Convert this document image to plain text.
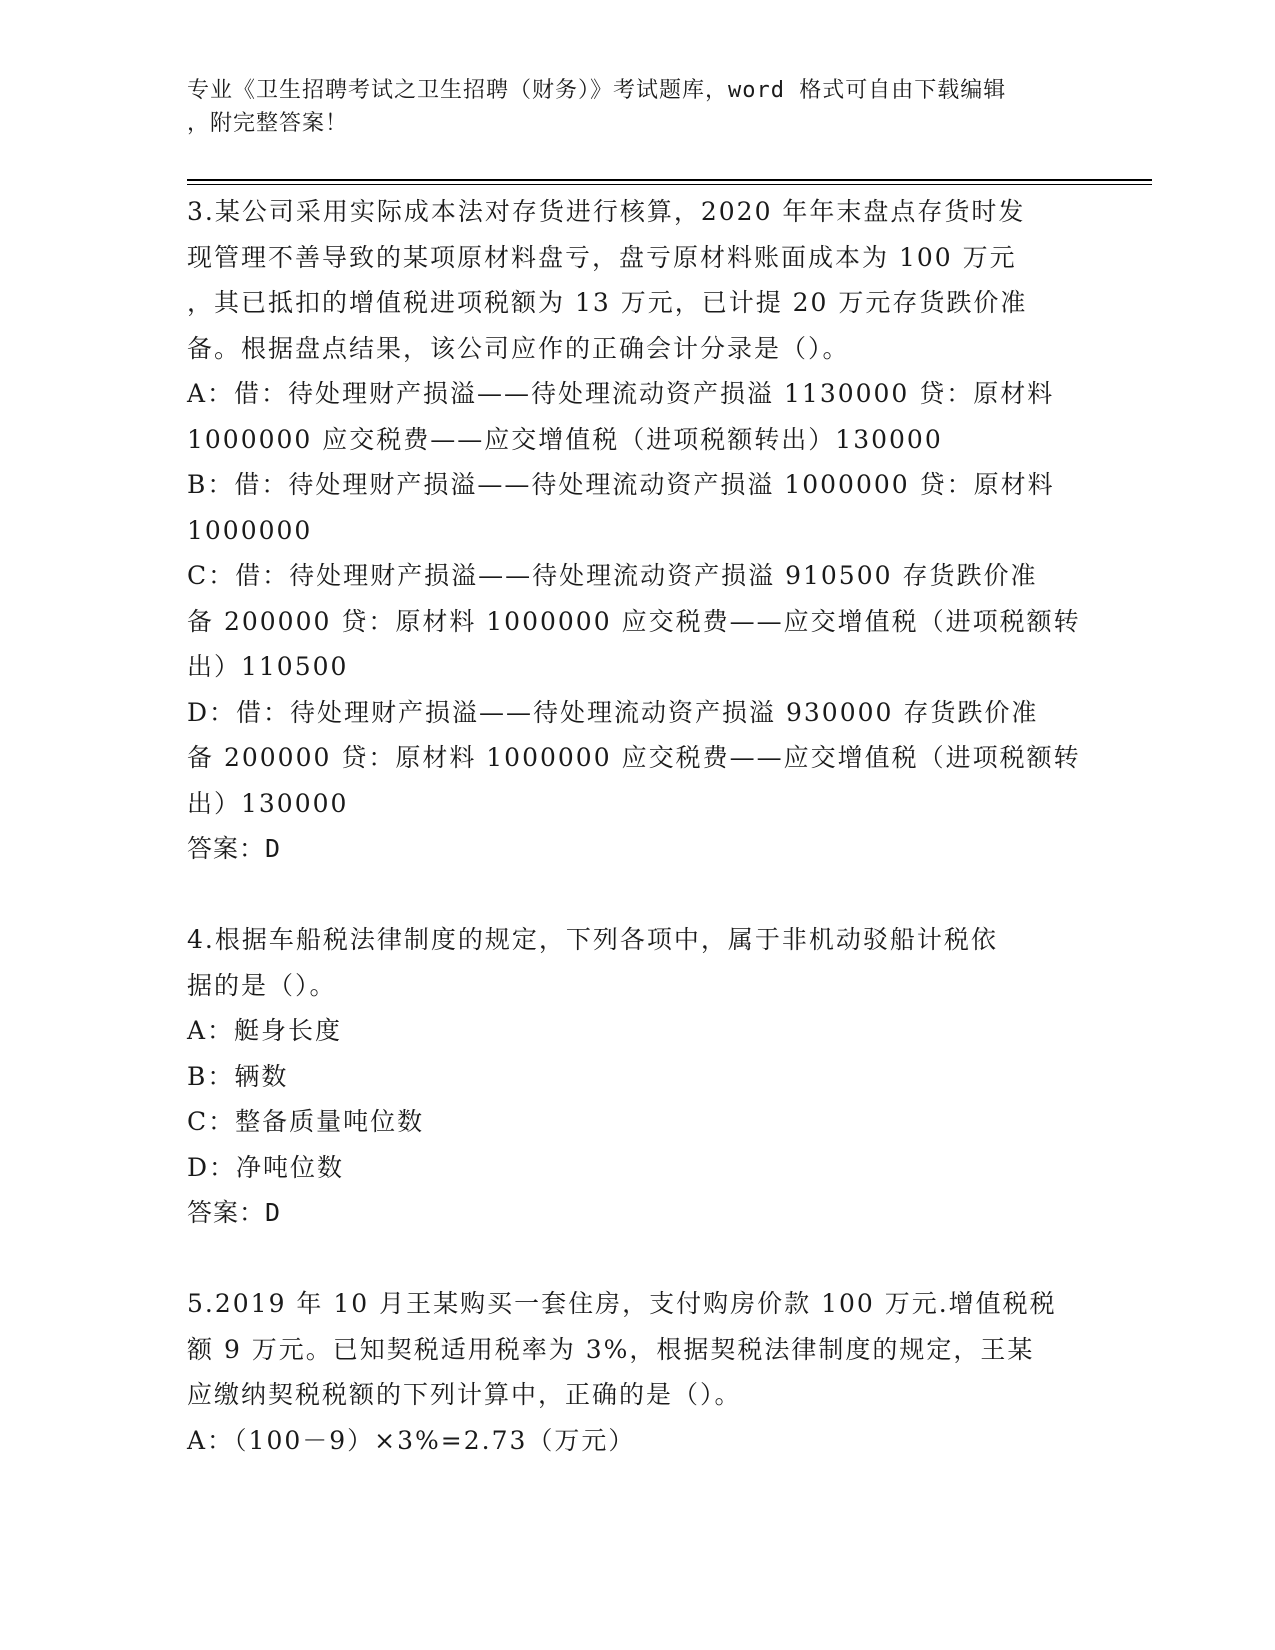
专业《卫生招聘考试之卫生招聘（财务）》考试题库，word 格式可自由下载编辑
，附完整答案！
3.某公司采用实际成本法对存货进行核算，2020 年年末盘点存货时发
现管理不善导致的某项原材料盘亏，盘亏原材料账面成本为 100 万元
，其已抵扣的增值税进项税额为 13 万元，已计提 20 万元存货跌价准
备。根据盘点结果，该公司应作的正确会计分录是（）。
A：借：待处理财产损溢——待处理流动资产损溢 1130000 贷：原材料
1000000 应交税费——应交增值税（进项税额转出）130000
B：借：待处理财产损溢——待处理流动资产损溢 1000000 贷：原材料
1000000
C：借：待处理财产损溢——待处理流动资产损溢 910500 存货跌价准
备 200000 贷：原材料 1000000 应交税费——应交增值税（进项税额转
出）110500
D：借：待处理财产损溢——待处理流动资产损溢 930000 存货跌价准
备 200000 贷：原材料 1000000 应交税费——应交增值税（进项税额转
出）130000
答案：D
4.根据车船税法律制度的规定，下列各项中，属于非机动驳船计税依
据的是（）。
A：艇身长度
B：辆数
C：整备质量吨位数
D：净吨位数
答案：D
5.2019 年 10 月王某购买一套住房，支付购房价款 100 万元.增值税税
额 9 万元。已知契税适用税率为 3%，根据契税法律制度的规定，王某
应缴纳契税税额的下列计算中，正确的是（）。
A：（100－9）×3%=2.73（万元）
